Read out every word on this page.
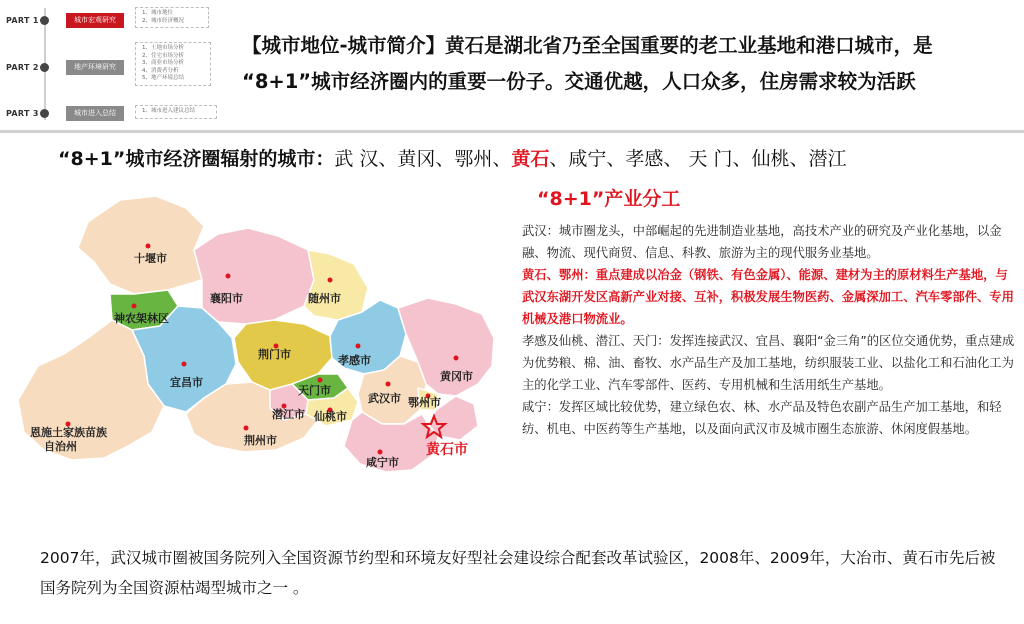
PART 1	城市宏观研究
1、城市地位
2、城市经济概况
PART 2	地产环境研究
1、土地市场分析
2、住宅市场分析
3、商业市场分析
4、消费者分析
5、地产环境总结
PART 3	城市进入总结	1、城市进入建议总结
【城市地位-城市简介】黄石是湖北省乃至全国重要的老工业基地和港口城市，是
“8+1”城市经济圈内的重要一份子。交通优越，人口众多，住房需求较为活跃
“8+1”城市经济圈辐射的城市：武 汉、黄冈、鄂州、黄石、咸宁、孝感、 天 门、仙桃、潜江
十堰市
神农架林区
襄阳市	随州市
宜昌市
荆门市	孝感市
天门市
黄冈市
武汉市 鄂州市
潜江市 仙桃市
恩施土家族苗族自治州	荆州市
咸宁市
黄石市
“8+1”产业分工

武汉：城市圈龙头，中部崛起的先进制造业基地，高技术产业的研究及产业化基地，以金融、物流、现代商贸、信息、科教、旅游为主的现代服务业基地。

黄石、鄂州：重点建成以冶金（钢铁、有色金属）、能源、建材为主的原材料生产基地，与武汉东湖开发区高新产业对接、互补，积极发展生物医药、金属深加工、汽车零部件、专用机械及港口物流业。

孝感及仙桃、潜江、天门：发挥连接武汉、宜昌、襄阳“金三角”的区位交通优势，重点建成为优势粮、棉、油、畜牧、水产品生产及加工基地，纺织服装工业、以盐化工和石油化工为主的化学工业、汽车零部件、医药、专用机械和生活用纸生产基地。

咸宁：发挥区域比较优势，建立绿色农、林、水产品及特色农副产品生产加工基地，和轻纺、机电、中医药等生产基地，以及面向武汉市及城市圈生态旅游、休闲度假基地。

2007年，武汉城市圈被国务院列入全国资源节约型和环境友好型社会建设综合配套改革试验区，2008年、2009年，大冶市、黄石市先后被国务院列为全国资源枯竭型城市之一 。
